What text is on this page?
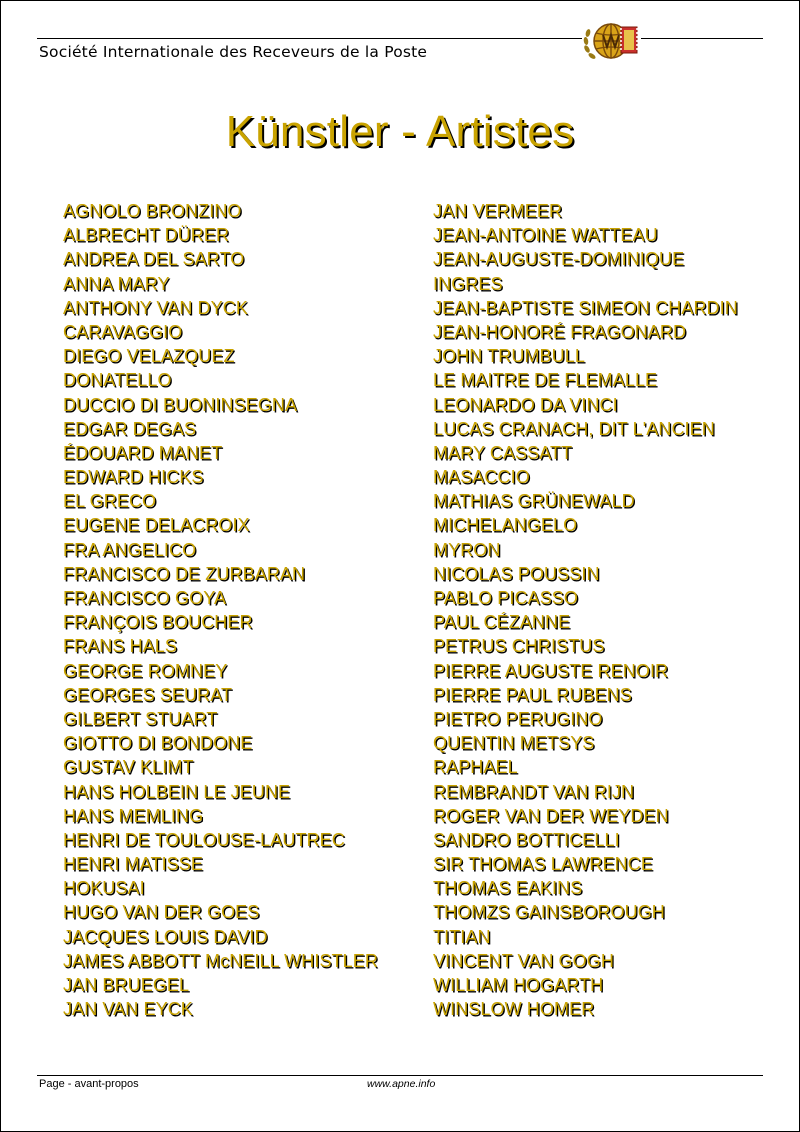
Société Internationale des Receveurs de la Poste
Künstler - Artistes
AGNOLO BRONZINO
ALBRECHT DÜRER
ANDREA DEL SARTO
ANNA MARY
ANTHONY VAN DYCK
CARAVAGGIO
DIEGO VELAZQUEZ
DONATELLO
DUCCIO DI BUONINSEGNA
EDGAR DEGAS
ÉDOUARD MANET
EDWARD HICKS
EL GRECO
EUGENE DELACROIX
FRA ANGELICO
FRANCISCO DE ZURBARAN
FRANCISCO GOYA
FRANÇOIS BOUCHER
FRANS HALS
GEORGE ROMNEY
GEORGES SEURAT
GILBERT STUART
GIOTTO DI BONDONE
GUSTAV KLIMT
HANS HOLBEIN LE JEUNE
HANS MEMLING
HENRI DE TOULOUSE-LAUTREC
HENRI MATISSE
HOKUSAI
HUGO VAN DER GOES
JACQUES LOUIS DAVID
JAMES ABBOTT McNEILL WHISTLER
JAN BRUEGEL
JAN VAN EYCK
JAN VERMEER
JEAN-ANTOINE WATTEAU
JEAN-AUGUSTE-DOMINIQUE
INGRES
JEAN-BAPTISTE SIMEON CHARDIN
JEAN-HONORÉ FRAGONARD
JOHN TRUMBULL
LE MAITRE DE FLEMALLE
LEONARDO DA VINCI
LUCAS CRANACH, DIT L'ANCIEN
MARY CASSATT
MASACCIO
MATHIAS GRÜNEWALD
MICHELANGELO
MYRON
NICOLAS POUSSIN
PABLO PICASSO
PAUL CÉZANNE
PETRUS CHRISTUS
PIERRE AUGUSTE RENOIR
PIERRE PAUL RUBENS
PIETRO PERUGINO
QUENTIN METSYS
RAPHAEL
REMBRANDT VAN RIJN
ROGER VAN DER WEYDEN
SANDRO BOTTICELLI
SIR THOMAS LAWRENCE
THOMAS EAKINS
THOMZS GAINSBOROUGH
TITIAN
VINCENT VAN GOGH
WILLIAM HOGARTH
WINSLOW HOMER
Page - avant-propos	www.apne.info
